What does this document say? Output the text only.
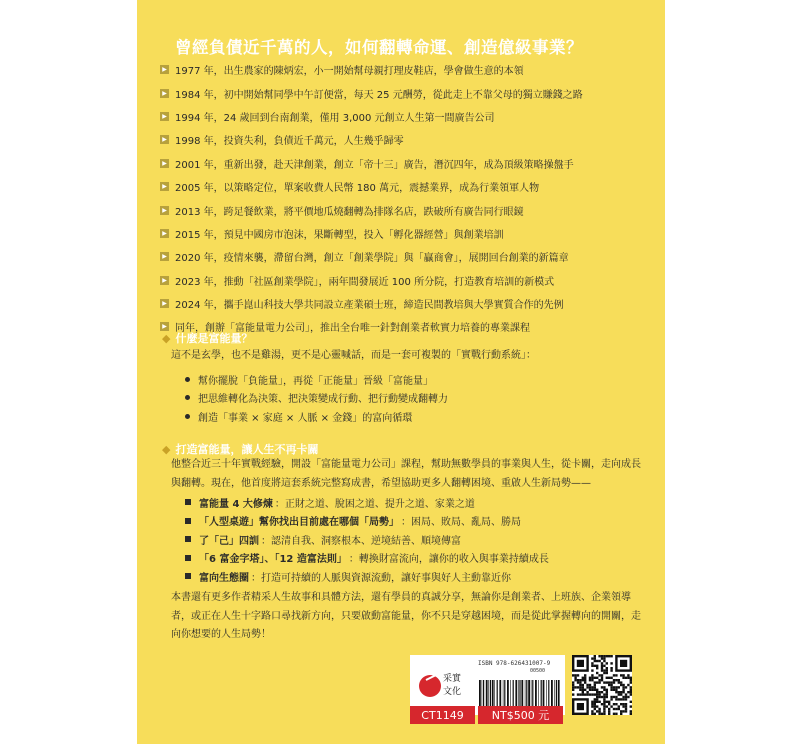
曾經負債近千萬的人，如何翻轉命運、創造億級事業？
▶ 1977 年，出生農家的陳炳宏，小一開始幫母親打理皮鞋店，學會做生意的本領
▶ 1984 年，初中開始幫同學中午訂便當，每天 25 元酬勞，從此走上不靠父母的獨立賺錢之路
▶ 1994 年，24 歲回到台南創業，僅用 3,000 元創立人生第一間廣告公司
▶ 1998 年，投資失利，負債近千萬元，人生幾乎歸零
▶ 2001 年，重新出發，赴天津創業，創立「帝十三」廣告，潛沉四年，成為頂級策略操盤手
▶ 2005 年，以策略定位，單案收費人民幣 180 萬元，震撼業界，成為行業領軍人物
▶ 2013 年，跨足餐飲業，將平價地瓜燒翻轉為排隊名店，跌破所有廣告同行眼鏡
▶ 2015 年，預見中國房市泡沫，果斷轉型，投入「孵化器經營」與創業培訓
▶ 2020 年，疫情來襲，滯留台灣，創立「創業學院」與「贏商會」，展開回台創業的新篇章
▶ 2023 年，推動「社區創業學院」，兩年間發展近 100 所分院，打造教育培訓的新模式
▶ 2024 年，攜手崑山科技大學共同設立產業碩士班，締造民間教培與大學實質合作的先例
▶ 同年，創辦「富能量電力公司」，推出全台唯一針對創業者軟實力培養的專業課程
◆ 什麼是富能量？
這不是玄學，也不是雞湯，更不是心靈喊話，而是一套可複製的「實戰行動系統」：
幫你擺脫「負能量」，再從「正能量」晉級「富能量」
把思維轉化為決策、把決策變成行動、把行動變成翻轉力
創造「事業 × 家庭 × 人脈 × 金錢」的富向循環
◆ 打造富能量，讓人生不再卡關
他整合近三十年實戰經驗，開設「富能量電力公司」課程，幫助無數學員的事業與人生，從卡關，走向成長與翻轉。現在，他首度將這套系統完整寫成書，希望協助更多人翻轉困境、重啟人生新局勢——
富能量 4 大修煉 ：正財之道、脫困之道、提升之道、家業之道
「人型桌遊」幫你找出目前處在哪個「局勢」 ：困局、敗局、亂局、勝局
了「己」四訓 ：認清自我、洞察根本、逆境結善、順境傳富
「6 富金字塔」、「12 造富法則」 ：轉換財富流向，讓你的收入與事業持續成長
富向生態圈 ：打造可持續的人脈與資源流動，讓好事與好人主動靠近你
本書還有更多作者精采人生故事和具體方法，還有學員的真誠分享，無論你是創業者、上班族、企業領導者，或正在人生十字路口尋找新方向，只要啟動富能量，你不只是穿越困境，而是從此掌握轉向的開關，走向你想要的人生局勢！
采實
文化
ISBN 978-626431007-9
00500
CT1149	NT$500 元
